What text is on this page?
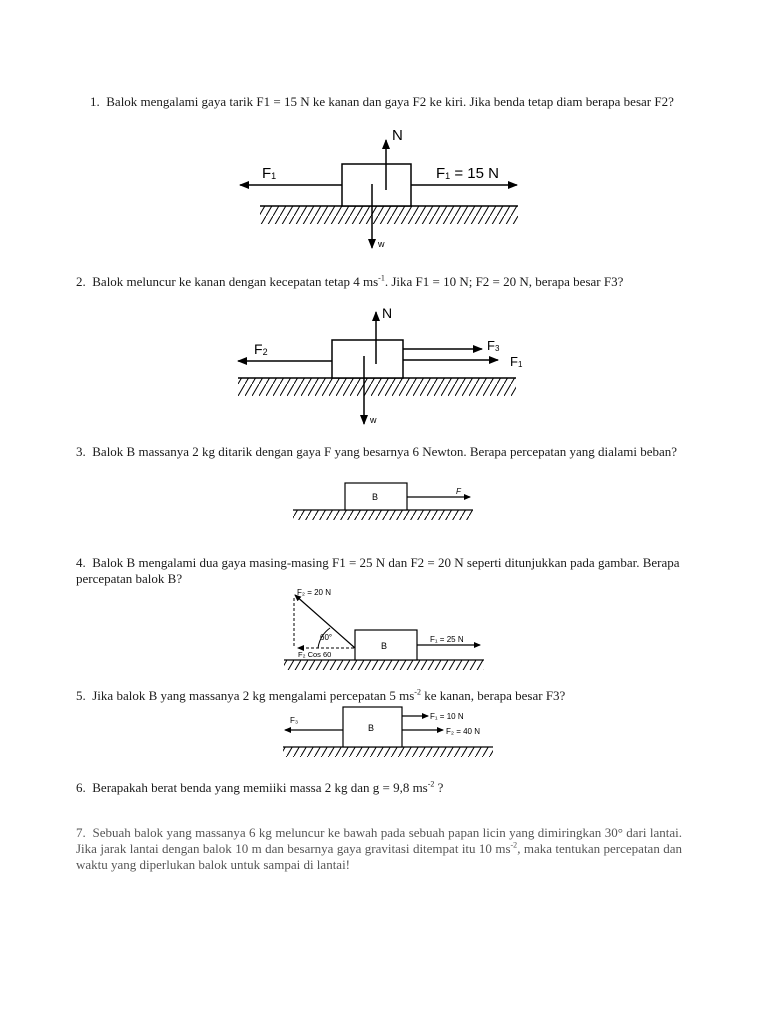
1. Balok mengalami gaya tarik F1 = 15 N ke kanan dan gaya F2 ke kiri. Jika benda tetap diam berapa besar F2?
2. Balok meluncur ke kanan dengan kecepatan tetap 4 $ms^{-1}$. Jika F1 = 10 N; F2 = 20 N, berapa besar F3?
3. Balok B massanya 2 kg ditarik dengan gaya F yang besarnya 6 Newton. Berapa percepatan yang dialami beban?
4. Balok B mengalami dua gaya masing-masing F1 = 25 N dan F2 = 20 N seperti ditunjukkan pada gambar. Berapa percepatan balok B?
5. Jika balok B yang massanya 2 kg mengalami percepatan 5 $ms^{-2}$ ke kanan, berapa besar F3?
6. Berapakah berat benda yang memiiki massa 2 kg dan g = 9,8 $ms^{-2}$ ?
7. Sebuah balok yang massanya 6 kg meluncur ke bawah pada sebuah papan licin yang dimiringkan 30° dari lantai. Jika jarak lantai dengan balok 10 m dan besarnya gaya gravitasi ditempat itu 10 $ms^{-2}$, maka tentukan percepatan dan waktu yang diperlukan balok untuk sampai di lantai!
N
w
F1	F1 = 15 N
N
w
F2	F3
F1
B
F
B
F₂ = 20 N
60°
F₂ Cos 60
F₁ = 25 N
B
F₃	F₁ = 10 N
F₂ = 40 N
